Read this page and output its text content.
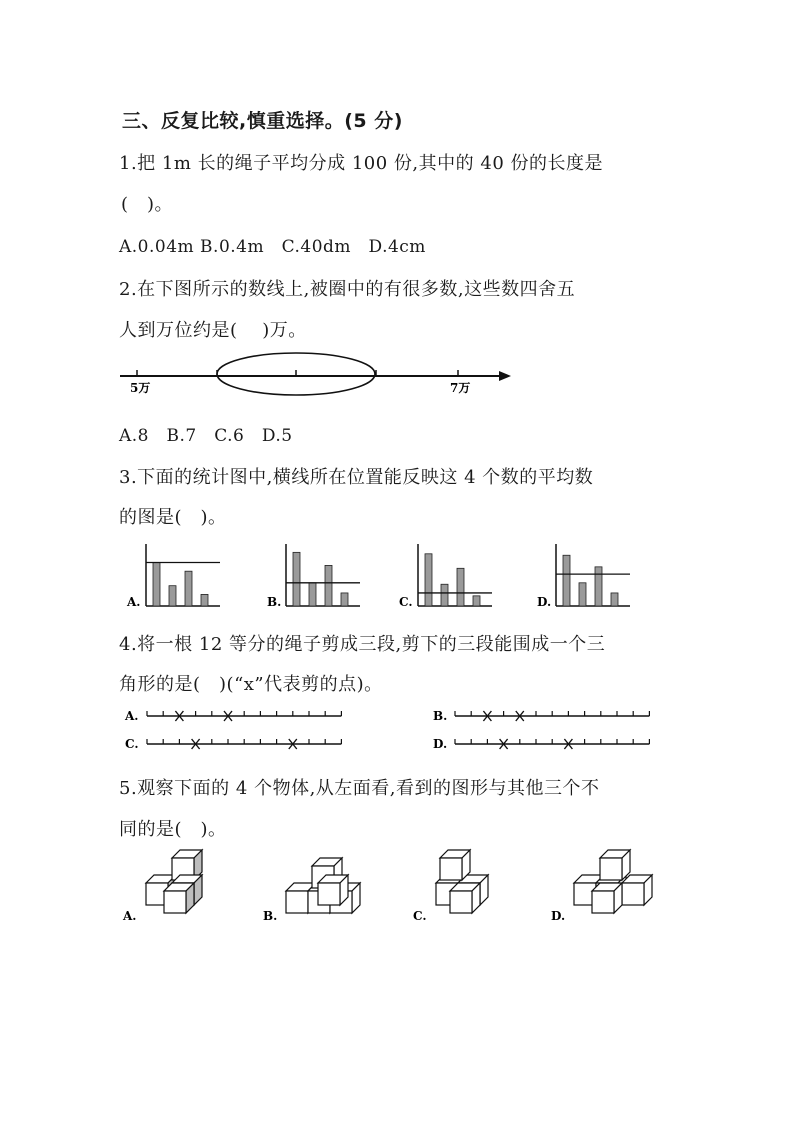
三、反复比较,慎重选择。(5 分)
1.把 1m 长的绳子平均分成 100 份,其中的 40 份的长度是
(　)。
A.0.04m B.0.4m　C.40dm　D.4cm
2.在下图所示的数线上,被圈中的有很多数,这些数四舍五
人到万位约是(　 )万。
5万	7万
A.8　B.7　C.6　D.5
3.下面的统计图中,横线所在位置能反映这 4 个数的平均数
的图是(　)。
A.	B.	C.	D.
4.将一根 12 等分的绳子剪成三段,剪下的三段能围成一个三
角形的是(　)(“x”代表剪的点)。
A.	B.
C.	D.
5.观察下面的 4 个物体,从左面看,看到的图形与其他三个不
同的是(　)。
A.	B.	C.	D.
